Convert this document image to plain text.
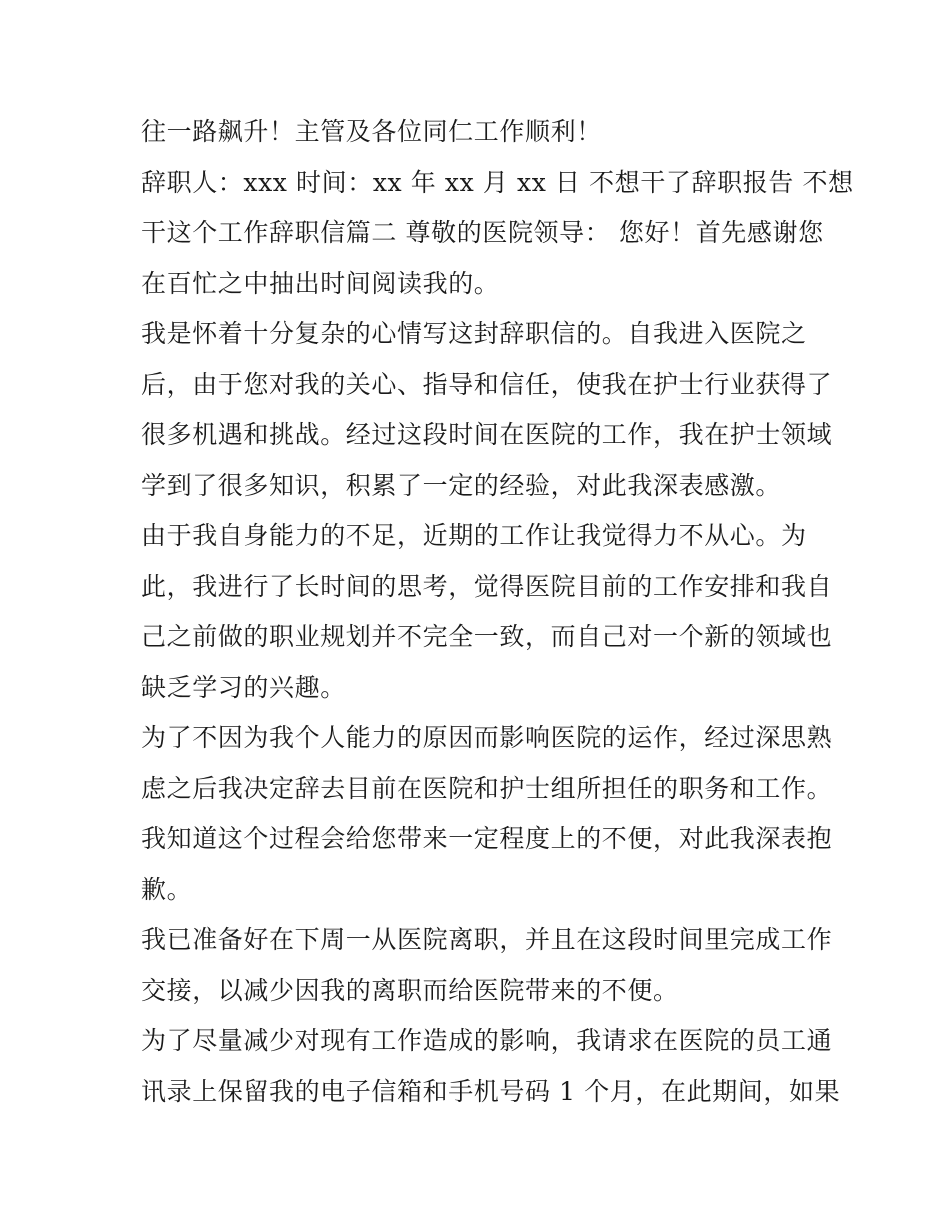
往一路飙升！主管及各位同仁工作顺利！
辞职人：xxx 时间：xx 年 xx 月 xx 日 不想干了辞职报告 不想
干这个工作辞职信篇二 尊敬的医院领导： 您好！首先感谢您
在百忙之中抽出时间阅读我的。
我是怀着十分复杂的心情写这封辞职信的。自我进入医院之
后，由于您对我的关心、指导和信任，使我在护士行业获得了
很多机遇和挑战。经过这段时间在医院的工作，我在护士领域
学到了很多知识，积累了一定的经验，对此我深表感激。
由于我自身能力的不足，近期的工作让我觉得力不从心。为
此，我进行了长时间的思考，觉得医院目前的工作安排和我自
己之前做的职业规划并不完全一致，而自己对一个新的领域也
缺乏学习的兴趣。
为了不因为我个人能力的原因而影响医院的运作，经过深思熟
虑之后我决定辞去目前在医院和护士组所担任的职务和工作。
我知道这个过程会给您带来一定程度上的不便，对此我深表抱
歉。
我已准备好在下周一从医院离职，并且在这段时间里完成工作
交接，以减少因我的离职而给医院带来的不便。
为了尽量减少对现有工作造成的影响，我请求在医院的员工通
讯录上保留我的电子信箱和手机号码 1 个月，在此期间，如果
